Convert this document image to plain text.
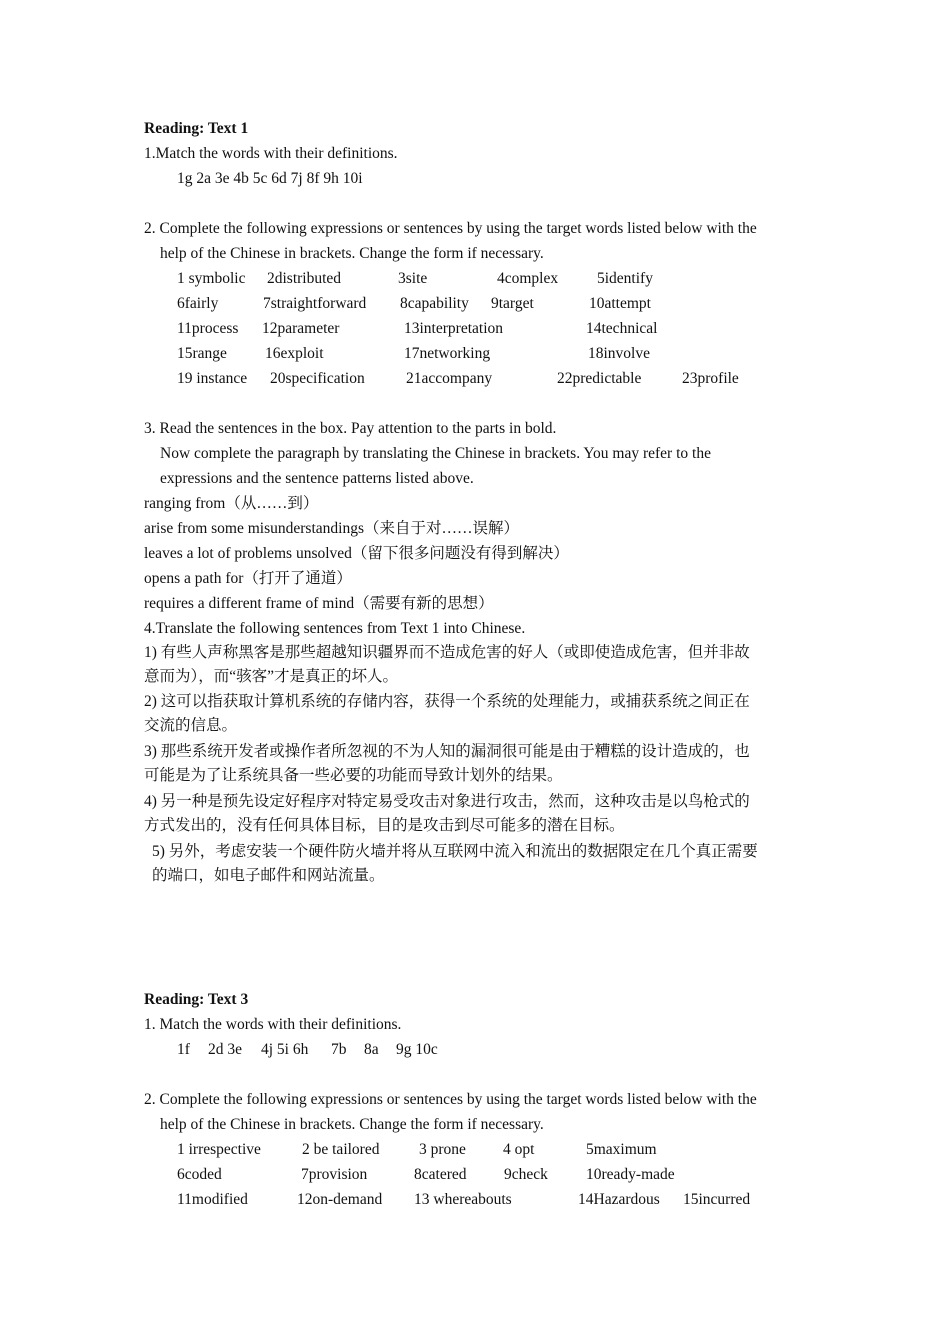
Reading: Text 1
1.Match the words with their definitions.
1g 2a 3e 4b 5c 6d 7j 8f 9h 10i
2. Complete the following expressions or sentences by using the target words listed below with the
help of the Chinese in brackets. Change the form if necessary.
1 symbolic 2distributed	3site	4complex	5identify
6fairly	7straightforward 8capability 9target	10attempt
11process 12parameter	13interpretation	14technical
15range 16exploit	17networking	18involve
19 instance 20specification	21accompany	22predictable	23profile
3. Read the sentences in the box. Pay attention to the parts in bold.
Now complete the paragraph by translating the Chinese in brackets. You may refer to the
expressions and the sentence patterns listed above.
ranging from（从……到）
arise from some misunderstandings（来自于对……误解）
leaves a lot of problems unsolved（留下很多问题没有得到解决）
opens a path for（打开了通道）
requires a different frame of mind（需要有新的思想）
4.Translate the following sentences from Text 1 into Chinese.
1) 有些人声称黑客是那些超越知识疆界而不造成危害的好人（或即使造成危害，但并非故
意而为），而“骇客”才是真正的坏人。
2) 这可以指获取计算机系统的存储内容，获得一个系统的处理能力，或捕获系统之间正在
交流的信息。
3) 那些系统开发者或操作者所忽视的不为人知的漏洞很可能是由于糟糕的设计造成的，也
可能是为了让系统具备一些必要的功能而导致计划外的结果。
4) 另一种是预先设定好程序对特定易受攻击对象进行攻击，然而，这种攻击是以鸟枪式的
方式发出的，没有任何具体目标，目的是攻击到尽可能多的潜在目标。
5) 另外，考虑安装一个硬件防火墙并将从互联网中流入和流出的数据限定在几个真正需要
的端口，如电子邮件和网站流量。
Reading: Text 3
1. Match the words with their definitions.
1f 2d 3e 4j 5i 6h 7b 8a 9g 10c
2. Complete the following expressions or sentences by using the target words listed below with the
help of the Chinese in brackets. Change the form if necessary.
1 irrespective	2 be tailored	3 prone 4 opt	5maximum
6coded	7provision	8catered 9check 10ready-made
11modified	12on-demand 13 whereabouts	14Hazardous 15incurred
